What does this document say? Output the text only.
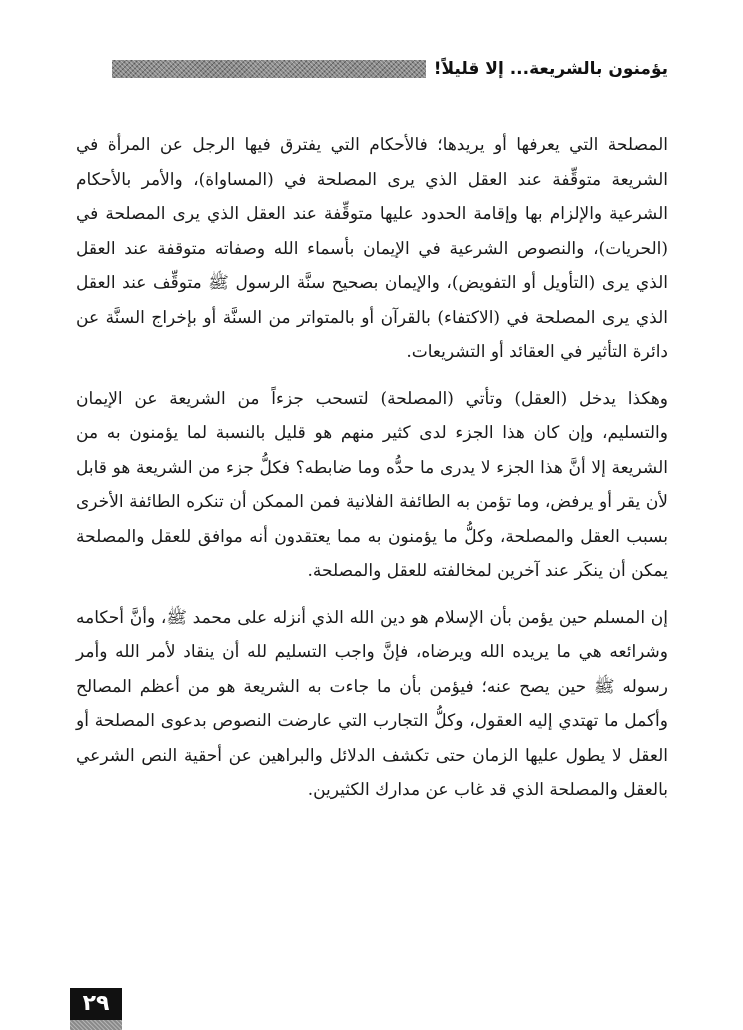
يؤمنون بالشريعة... إلا قليلاً!

المصلحة التي يعرفها أو يريدها؛ فالأحكام التي يفترق فيها الرجل عن المرأة في الشريعة متوقِّفة عند العقل الذي يرى المصلحة في (المساواة)، والأمر بالأحكام الشرعية والإلزام بها وإقامة الحدود عليها متوقِّفة عند العقل الذي يرى المصلحة في (الحريات)، والنصوص الشرعية في الإيمان بأسماء الله وصفاته متوقفة عند العقل الذي يرى (التأويل أو التفويض)، والإيمان بصحيح سنَّة الرسول ﷺ متوقِّف عند العقل الذي يرى المصلحة في (الاكتفاء) بالقرآن أو بالمتواتر من السنَّة أو بإخراج السنَّة عن دائرة التأثير في العقائد أو التشريعات.

وهكذا يدخل (العقل) وتأتي (المصلحة) لتسحب جزءاً من الشريعة عن الإيمان والتسليم، وإن كان هذا الجزء لدى كثير منهم هو قليل بالنسبة لما يؤمنون به من الشريعة إلا أنَّ هذا الجزء لا يدرى ما حدُّه وما ضابطه؟ فكلُّ جزء من الشريعة هو قابل لأن يقر أو يرفض، وما تؤمن به الطائفة الفلانية فمن الممكن أن تنكره الطائفة الأخرى بسبب العقل والمصلحة، وكلُّ ما يؤمنون به مما يعتقدون أنه موافق للعقل والمصلحة يمكن أن ينكَر عند آخرين لمخالفته للعقل والمصلحة.

إن المسلم حين يؤمن بأن الإسلام هو دين الله الذي أنزله على محمد ﷺ، وأنَّ أحكامه وشرائعه هي ما يريده الله ويرضاه، فإنَّ واجب التسليم لله أن ينقاد لأمر الله وأمر رسوله ﷺ حين يصح عنه؛ فيؤمن بأن ما جاءت به الشريعة هو من أعظم المصالح وأكمل ما تهتدي إليه العقول، وكلُّ التجارب التي عارضت النصوص بدعوى المصلحة أو العقل لا يطول عليها الزمان حتى تكشف الدلائل والبراهين عن أحقية النص الشرعي بالعقل والمصلحة الذي قد غاب عن مدارك الكثيرين.

٢٩
